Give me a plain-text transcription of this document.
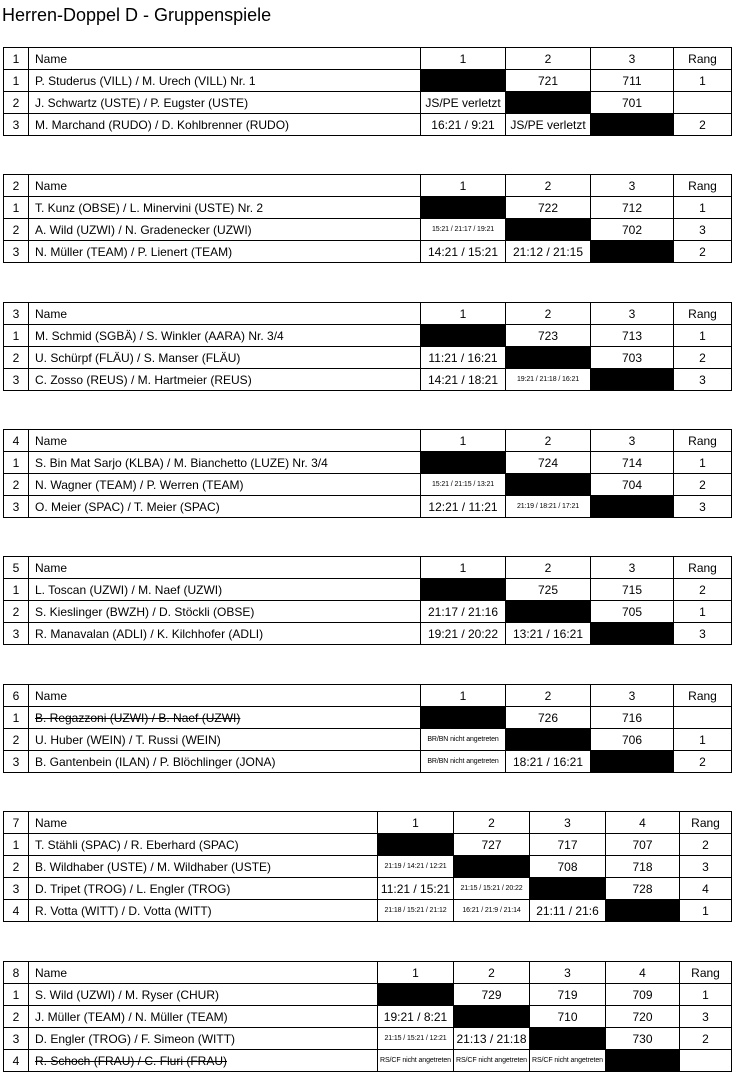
Herren-Doppel D - Gruppenspiele
1	Name	1	2	3	Rang
1	P. Studerus (VILL) / M. Urech (VILL) Nr. 1		721	711	1
2	J. Schwartz (USTE) / P. Eugster (USTE)	JS/PE verletzt		701	
3	M. Marchand (RUDO) / D. Kohlbrenner (RUDO)	16:21 / 9:21	JS/PE verletzt		2
2	Name	1	2	3	Rang
1	T. Kunz (OBSE) / L. Minervini (USTE) Nr. 2		722	712	1
2	A. Wild (UZWI) / N. Gradenecker (UZWI)	15:21 / 21:17 / 19:21		702	3
3	N. Müller (TEAM) / P. Lienert (TEAM)	14:21 / 15:21	21:12 / 21:15		2
3	Name	1	2	3	Rang
1	M. Schmid (SGBÄ) / S. Winkler (AARA) Nr. 3/4		723	713	1
2	U. Schürpf (FLÄU) / S. Manser (FLÄU)	11:21 / 16:21		703	2
3	C. Zosso (REUS) / M. Hartmeier (REUS)	14:21 / 18:21	19:21 / 21:18 / 16:21		3
4	Name	1	2	3	Rang
1	S. Bin Mat Sarjo (KLBA) / M. Bianchetto (LUZE) Nr. 3/4		724	714	1
2	N. Wagner (TEAM) / P. Werren (TEAM)	15:21 / 21:15 / 13:21		704	2
3	O. Meier (SPAC) / T. Meier (SPAC)	12:21 / 11:21	21:19 / 18:21 / 17:21		3
5	Name	1	2	3	Rang
1	L. Toscan (UZWI) / M. Naef (UZWI)		725	715	2
2	S. Kieslinger (BWZH) / D. Stöckli (OBSE)	21:17 / 21:16		705	1
3	R. Manavalan (ADLI) / K. Kilchhofer (ADLI)	19:21 / 20:22	13:21 / 16:21		3
6	Name	1	2	3	Rang
1	B. Regazzoni (UZWI) / B. Naef (UZWI)		726	716	
2	U. Huber (WEIN) / T. Russi (WEIN)	BR/BN nicht angetreten		706	1
3	B. Gantenbein (ILAN) / P. Blöchlinger (JONA)	BR/BN nicht angetreten	18:21 / 16:21		2
7	Name	1	2	3	4	Rang
1	T. Stähli (SPAC) / R. Eberhard (SPAC)		727	717	707	2
2	B. Wildhaber (USTE) / M. Wildhaber (USTE)	21:19 / 14:21 / 12:21		708	718	3
3	D. Tripet (TROG) / L. Engler (TROG)	11:21 / 15:21	21:15 / 15:21 / 20:22		728	4
4	R. Votta (WITT) / D. Votta (WITT)	21:18 / 15:21 / 21:12	16:21 / 21:9 / 21:14	21:11 / 21:6		1
8	Name	1	2	3	4	Rang
1	S. Wild (UZWI) / M. Ryser (CHUR)		729	719	709	1
2	J. Müller (TEAM) / N. Müller (TEAM)	19:21 / 8:21		710	720	3
3	D. Engler (TROG) / F. Simeon (WITT)	21:15 / 15:21 / 12:21	21:13 / 21:18		730	2
4	R. Schoch (FRAU) / C. Fluri (FRAU)	RS/CF nicht angetreten	RS/CF nicht angetreten	RS/CF nicht angetreten		
